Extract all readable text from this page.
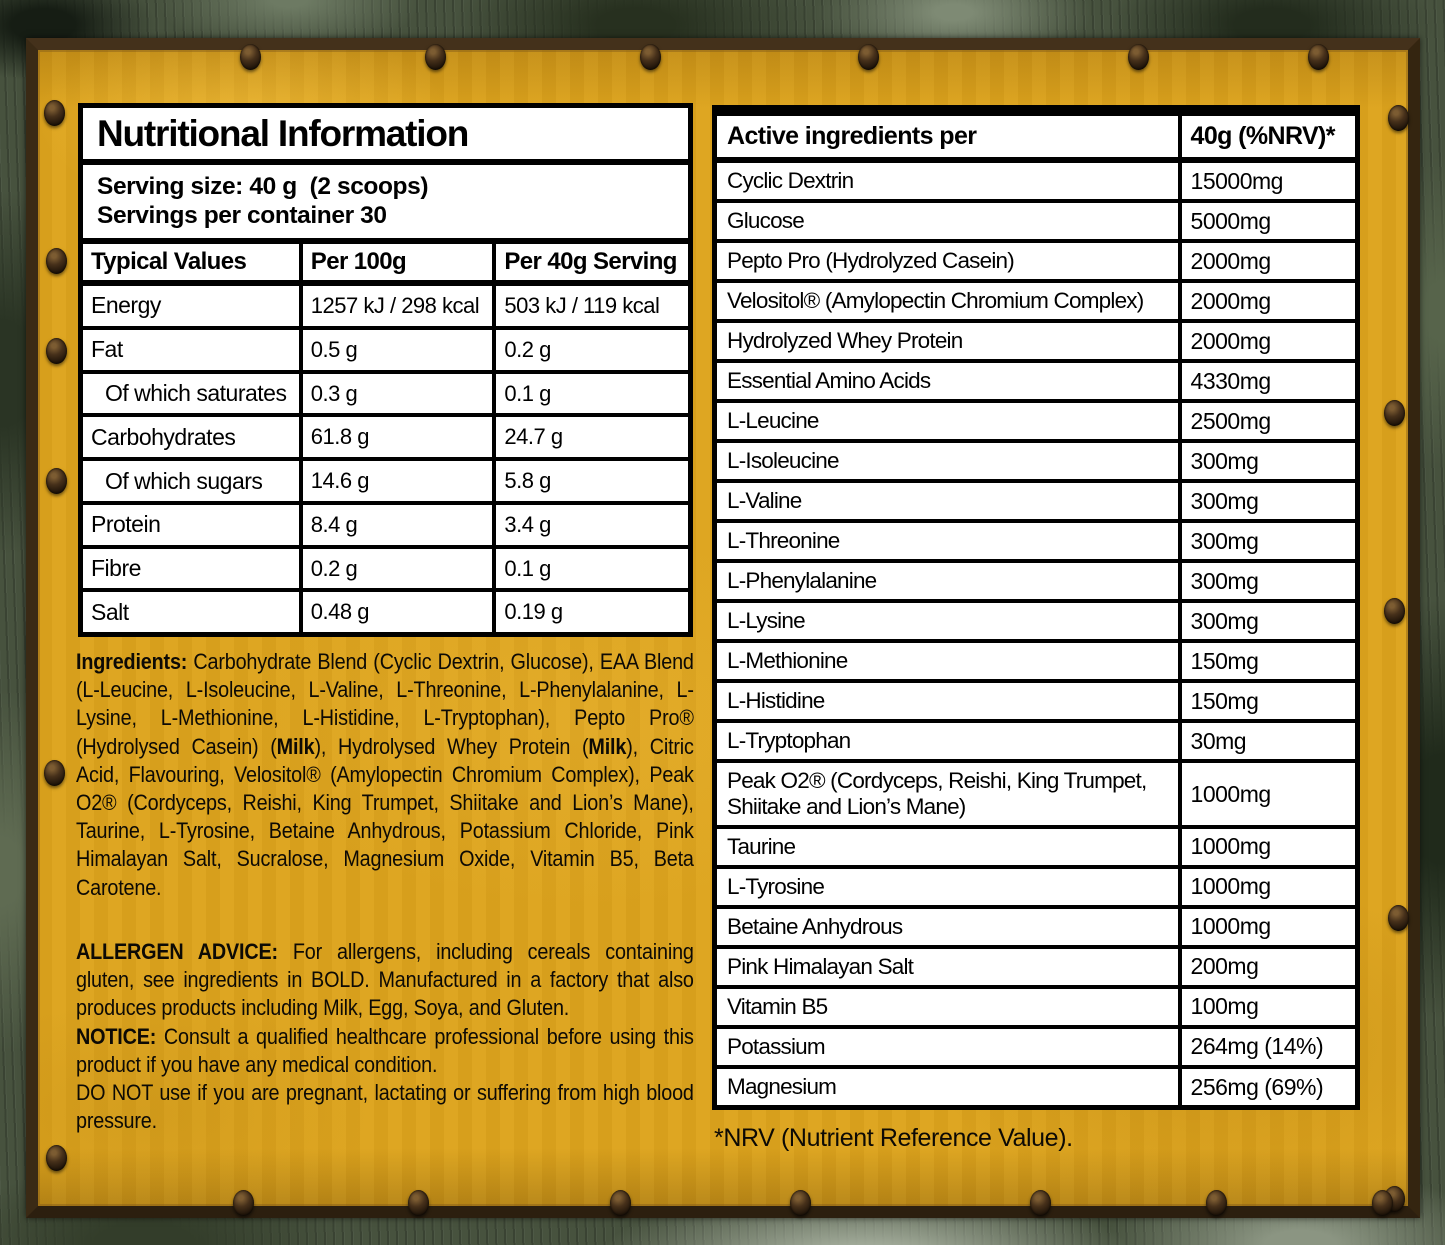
Nutritional Information
Serving size: 40 g  (2 scoops)
Servings per container 30
Typical Values	Per 100g	Per 40g Serving
Energy	1257 kJ / 298 kcal	503 kJ / 119 kcal
Fat	0.5 g	0.2 g
Of which saturates	0.3 g	0.1 g
Carbohydrates	61.8 g	24.7 g
Of which sugars	14.6 g	5.8 g
Protein	8.4 g	3.4 g
Fibre	0.2 g	0.1 g
Salt	0.48 g	0.19 g
Ingredients: Carbohydrate Blend (Cyclic Dextrin, Glucose), EAA Blend (L-Leucine, L-Isoleucine, L-Valine, L-Threonine, L-Phenylalanine, L-Lysine, L-Methionine, L-Histidine, L-Tryptophan), Pepto Pro® (Hydrolysed Casein) (Milk), Hydrolysed Whey Protein (Milk), Citric Acid, Flavouring, Velositol® (Amylopectin Chromium Complex), Peak O2® (Cordyceps, Reishi, King Trumpet, Shiitake and Lion’s Mane), Taurine, L-Tyrosine, Betaine Anhydrous, Potassium Chloride, Pink Himalayan Salt, Sucralose, Magnesium Oxide, Vitamin B5, Beta Carotene.

ALLERGEN ADVICE: For allergens, including cereals containing gluten, see ingredients in BOLD. Manufactured in a factory that also produces products including Milk, Egg, Soya, and Gluten.

NOTICE: Consult a qualified healthcare professional before using this product if you have any medical condition.

DO NOT use if you are pregnant, lactating or suffering from high blood pressure.

Active ingredients per	40g (%NRV)*
Cyclic Dextrin	15000mg
Glucose	5000mg
Pepto Pro (Hydrolyzed Casein)	2000mg
Velositol® (Amylopectin Chromium Complex)	2000mg
Hydrolyzed Whey Protein	2000mg
Essential Amino Acids	4330mg
L-Leucine	2500mg
L-Isoleucine	300mg
L-Valine	300mg
L-Threonine	300mg
L-Phenylalanine	300mg
L-Lysine	300mg
L-Methionine	150mg
L-Histidine	150mg
L-Tryptophan	30mg
Peak O2® (Cordyceps, Reishi, King Trumpet, Shiitake and Lion’s Mane)	1000mg
Taurine	1000mg
L-Tyrosine	1000mg
Betaine Anhydrous	1000mg
Pink Himalayan Salt	200mg
Vitamin B5	100mg
Potassium	264mg (14%)
Magnesium	256mg (69%)
*NRV (Nutrient Reference Value).
